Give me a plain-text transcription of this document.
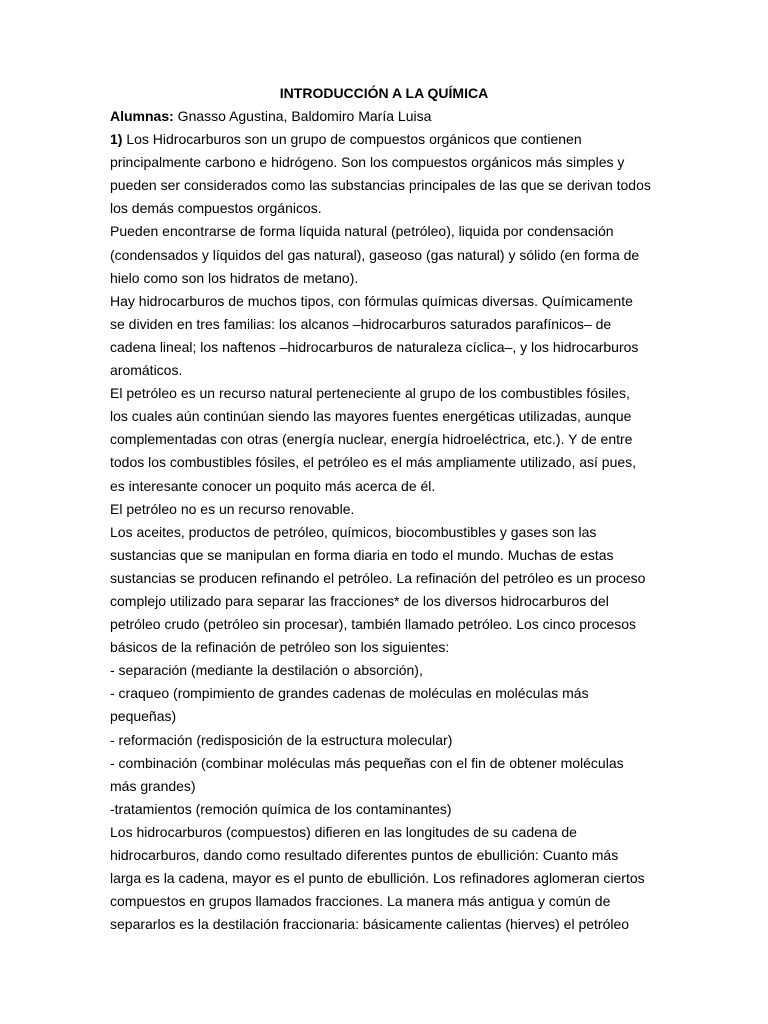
INTRODUCCIÓN A LA QUÍMICA
Alumnas: Gnasso Agustina, Baldomiro María Luisa
1) Los Hidrocarburos son un grupo de compuestos orgánicos que contienen
principalmente carbono e hidrógeno. Son los compuestos orgánicos más simples y
pueden ser considerados como las substancias principales de las que se derivan todos
los demás compuestos orgánicos.
Pueden encontrarse de forma líquida natural (petróleo), liquida por condensación
(condensados y líquidos del gas natural), gaseoso (gas natural) y sólido (en forma de
hielo como son los hidratos de metano).
Hay hidrocarburos de muchos tipos, con fórmulas químicas diversas. Químicamente
se dividen en tres familias: los alcanos –hidrocarburos saturados parafínicos– de
cadena lineal; los naftenos –hidrocarburos de naturaleza cíclica–, y los hidrocarburos
aromáticos.
El petróleo es un recurso natural perteneciente al grupo de los combustibles fósiles,
los cuales aún continúan siendo las mayores fuentes energéticas utilizadas, aunque
complementadas con otras (energía nuclear, energía hidroeléctrica, etc.). Y de entre
todos los combustibles fósiles, el petróleo es el más ampliamente utilizado, así pues,
es interesante conocer un poquito más acerca de él.
El petróleo no es un recurso renovable.
Los aceites, productos de petróleo, químicos, biocombustibles y gases son las
sustancias que se manipulan en forma diaria en todo el mundo. Muchas de estas
sustancias se producen refinando el petróleo. La refinación del petróleo es un proceso
complejo utilizado para separar las fracciones* de los diversos hidrocarburos del
petróleo crudo (petróleo sin procesar), también llamado petróleo. Los cinco procesos
básicos de la refinación de petróleo son los siguientes:
- separación (mediante la destilación o absorción),
- craqueo (rompimiento de grandes cadenas de moléculas en moléculas más
pequeñas)
- reformación (redisposición de la estructura molecular)
- combinación (combinar moléculas más pequeñas con el fin de obtener moléculas
más grandes)
-tratamientos (remoción química de los contaminantes)
Los hidrocarburos (compuestos) difieren en las longitudes de su cadena de
hidrocarburos, dando como resultado diferentes puntos de ebullición: Cuanto más
larga es la cadena, mayor es el punto de ebullición. Los refinadores aglomeran ciertos
compuestos en grupos llamados fracciones. La manera más antigua y común de
separarlos es la destilación fraccionaria: básicamente calientas (hierves) el petróleo
